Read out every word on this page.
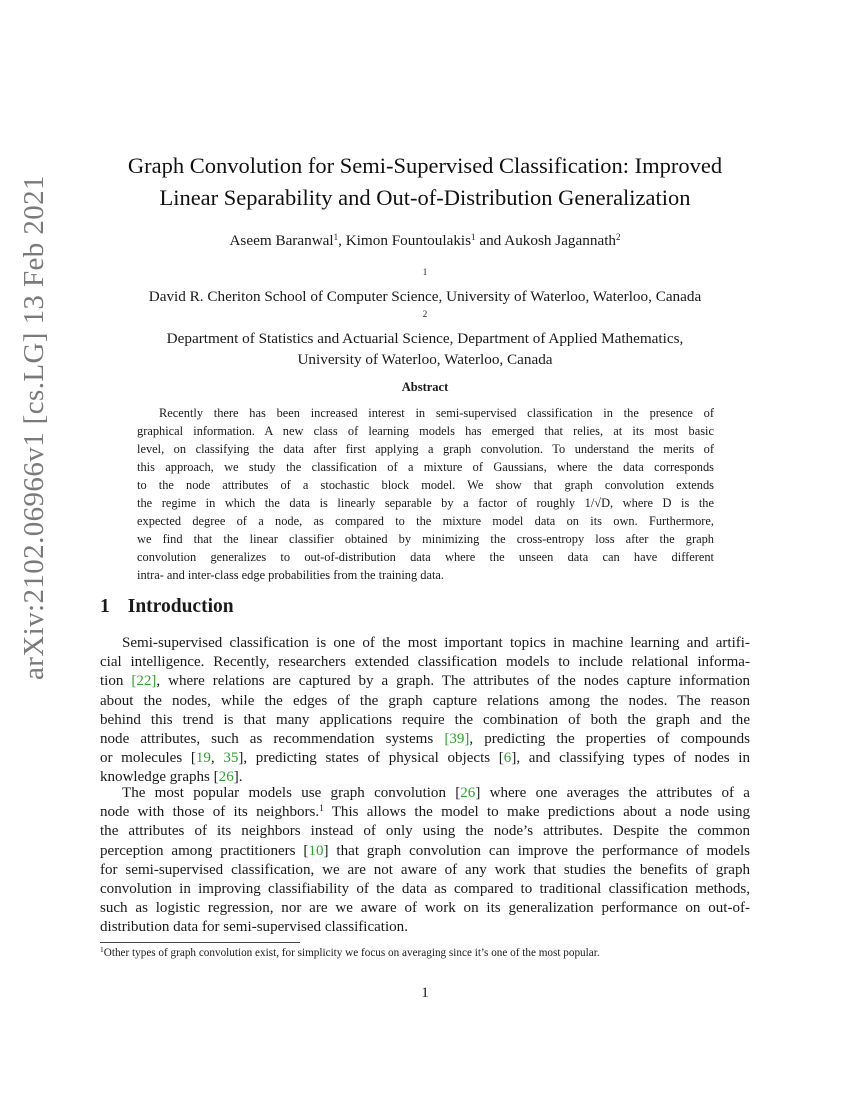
arXiv:2102.06966v1 [cs.LG] 13 Feb 2021
Graph Convolution for Semi-Supervised Classification: Improved
Linear Separability and Out-of-Distribution Generalization
Aseem Baranwal$^1$, Kimon Fountoulakis$^1$ and Aukosh Jagannath$^2$
$^1$
David R. Cheriton School of Computer Science, University of Waterloo, Waterloo, Canada
$^2$
Department of Statistics and Actuarial Science, Department of Applied Mathematics,
University of Waterloo, Waterloo, Canada
Abstract
Recently there has been increased interest in semi-supervised classification in the presence of
graphical information. A new class of learning models has emerged that relies, at its most basic
level, on classifying the data after first applying a graph convolution. To understand the merits of
this approach, we study the classification of a mixture of Gaussians, where the data corresponds
to the node attributes of a stochastic block model. We show that graph convolution extends
the regime in which the data is linearly separable by a factor of roughly 1/√D, where D is the
expected degree of a node, as compared to the mixture model data on its own. Furthermore,
we find that the linear classifier obtained by minimizing the cross-entropy loss after the graph
convolution generalizes to out-of-distribution data where the unseen data can have different
intra- and inter-class edge probabilities from the training data.
1 Introduction
Semi-supervised classification is one of the most important topics in machine learning and artifi-
cial intelligence. Recently, researchers extended classification models to include relational informa-
tion [22], where relations are captured by a graph. The attributes of the nodes capture information
about the nodes, while the edges of the graph capture relations among the nodes. The reason
behind this trend is that many applications require the combination of both the graph and the
node attributes, such as recommendation systems [39], predicting the properties of compounds
or molecules [19, 35], predicting states of physical objects [6], and classifying types of nodes in
knowledge graphs [26].
The most popular models use graph convolution [26] where one averages the attributes of a
node with those of its neighbors.$^1$ This allows the model to make predictions about a node using
the attributes of its neighbors instead of only using the node’s attributes. Despite the common
perception among practitioners [10] that graph convolution can improve the performance of models
for semi-supervised classification, we are not aware of any work that studies the benefits of graph
convolution in improving classifiability of the data as compared to traditional classification methods,
such as logistic regression, nor are we aware of work on its generalization performance on out-of-
distribution data for semi-supervised classification.
$^1$Other types of graph convolution exist, for simplicity we focus on averaging since it’s one of the most popular.
1
